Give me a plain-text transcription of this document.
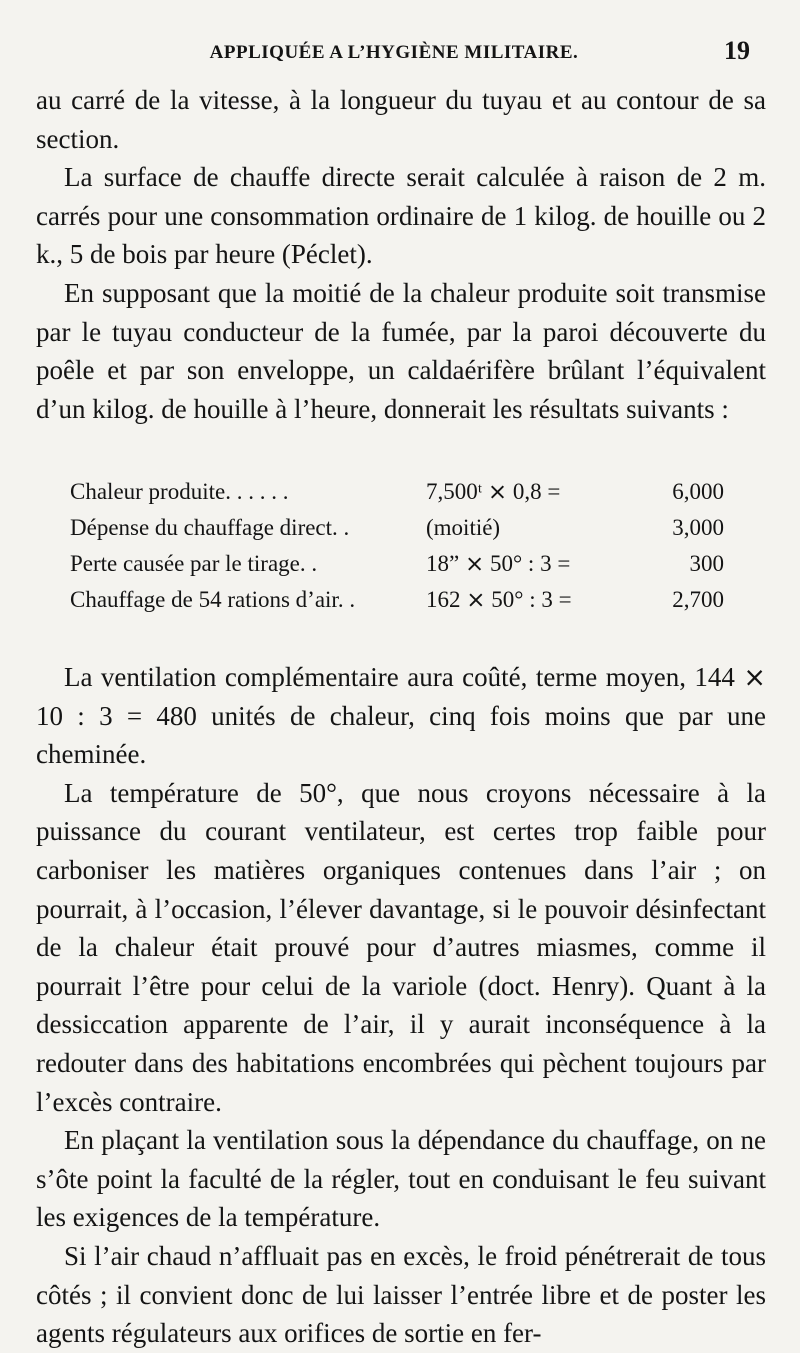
APPLIQUÉE A L’HYGIÈNE MILITAIRE.	19

au carré de la vitesse, à la longueur du tuyau et au contour de sa section.

La surface de chauffe directe serait calculée à raison de 2 m. carrés pour une consommation ordinaire de 1 kilog. de houille ou 2 k., 5 de bois par heure (Péclet).

En supposant que la moitié de la chaleur produite soit transmise par le tuyau conducteur de la fumée, par la paroi découverte du poêle et par son enveloppe, un caldaérifère brûlant l’équivalent d’un kilog. de houille à l’heure, donnerait les résultats suivants :

Chaleur produite. . . . . .	7,500ᵗ ⨯ 0,8 =	6,000
Dépense du chauffage direct. .	(moitié)	3,000
Perte causée par le tirage. .	18” ⨯ 50° : 3 =	300
Chauffage de 54 rations d’air. .	162 ⨯ 50° : 3 =	2,700

La ventilation complémentaire aura coûté, terme moyen, 144 ⨯ 10 : 3 = 480 unités de chaleur, cinq fois moins que par une cheminée.

La température de 50°, que nous croyons nécessaire à la puissance du courant ventilateur, est certes trop faible pour carboniser les matières organiques contenues dans l’air ; on pourrait, à l’occasion, l’élever davantage, si le pouvoir désinfectant de la chaleur était prouvé pour d’autres miasmes, comme il pourrait l’être pour celui de la variole (doct. Henry). Quant à la dessiccation apparente de l’air, il y aurait inconséquence à la redouter dans des habitations encombrées qui pèchent toujours par l’excès contraire.

En plaçant la ventilation sous la dépendance du chauffage, on ne s’ôte point la faculté de la régler, tout en conduisant le feu suivant les exigences de la température.

Si l’air chaud n’affluait pas en excès, le froid pénétrerait de tous côtés ; il convient donc de lui laisser l’entrée libre et de poster les agents régulateurs aux orifices de sortie en fer-
